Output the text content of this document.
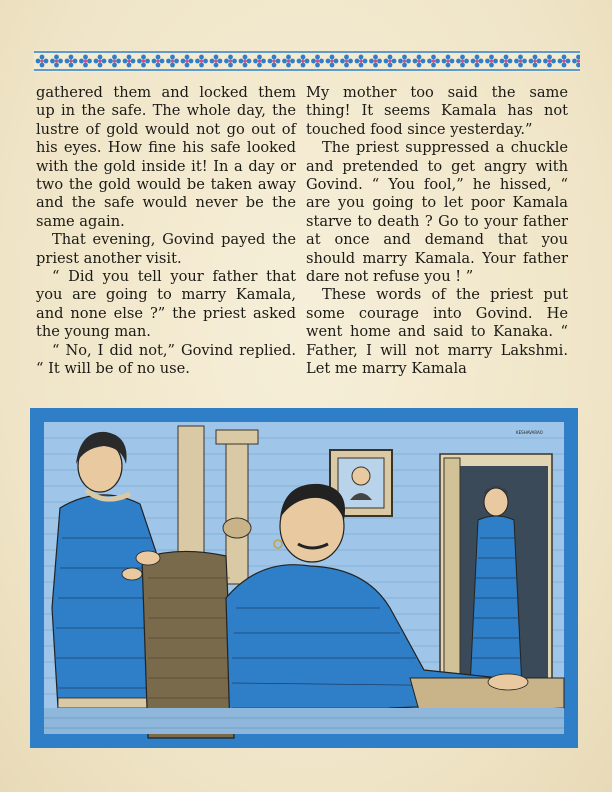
gathered them and locked them up in the safe. The whole day, the lustre of gold would not go out of his eyes. How fine his safe looked with the gold inside it! In a day or two the gold would be taken away and the safe would never be the same again.

That evening, Govind payed the priest another visit.

“ Did you tell your father that you are going to marry Kamala, and none else ?” the priest asked the young man.

“ No, I did not,” Govind replied. “ It will be of no use.

My mother too said the same thing! It seems Kamala has not touched food since yesterday.”

The priest suppressed a chuckle and pretended to get angry with Govind. “ You fool,” he hissed, “ are you going to let poor Kamala starve to death ? Go to your father at once and demand that you should marry Kamala. Your father dare not refuse you ! ”

These words of the priest put some courage into Govind. He went home and said to Kanaka. “ Father, I will not marry Lakshmi. Let me marry Kamala

KESHAVARAO
